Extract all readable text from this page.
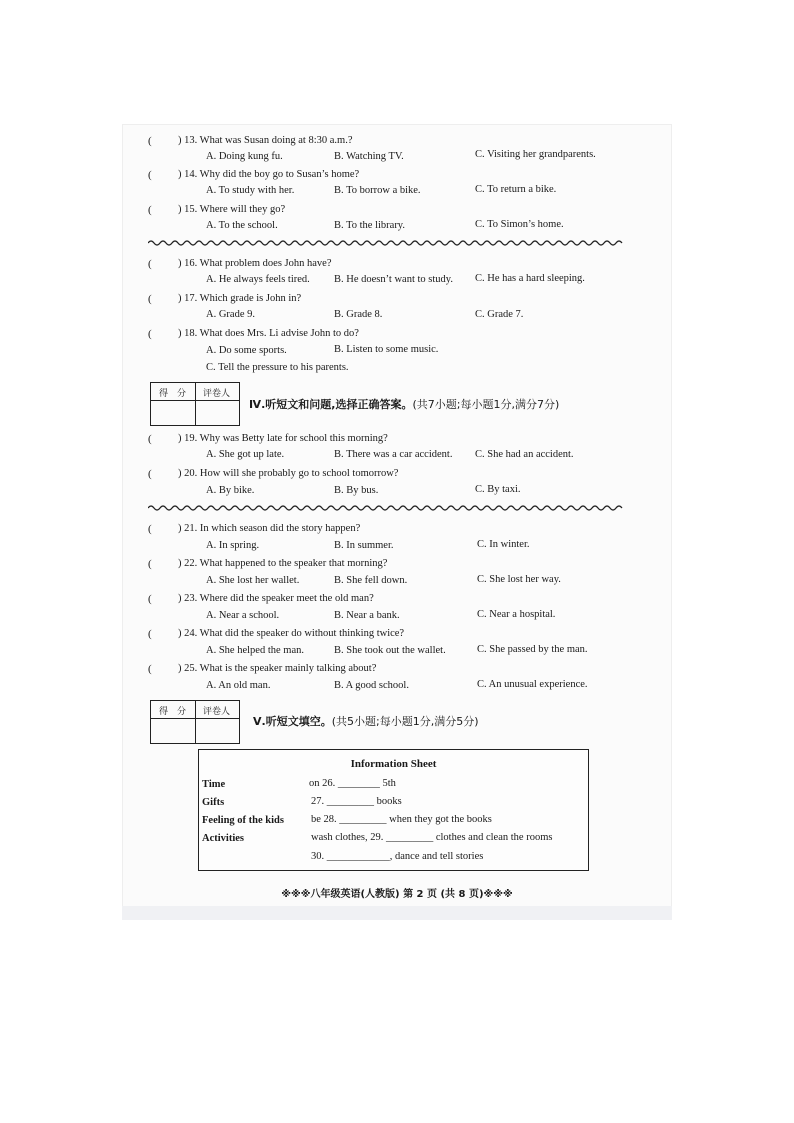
(	) 13. What was Susan doing at 8:30 a.m.?
A. Doing kung fu.	B. Watching TV.	C. Visiting her grandparents.
(	) 14. Why did the boy go to Susan’s home?
A. To study with her.	B. To borrow a bike.	C. To return a bike.
(	) 15. Where will they go?
A. To the school.	B. To the library.	C. To Simon’s home.
(	) 16. What problem does John have?
A. He always feels tired. B. He doesn’t want to study. C. He has a hard sleeping.
(	) 17. Which grade is John in?
A. Grade 9.	B. Grade 8.	C. Grade 7.
(	) 18. What does Mrs. Li advise John to do?
A. Do some sports.	B. Listen to some music.
C. Tell the pressure to his parents.
得　分 评卷人
Ⅳ.听短文和问题,选择正确答案。(共7小题;每小题1分,满分7分)
(	) 19. Why was Betty late for school this morning?
A. She got up late.	B. There was a car accident. C. She had an accident.
(	) 20. How will she probably go to school tomorrow?
A. By bike.	B. By bus.	C. By taxi.
(	) 21. In which season did the story happen?
A. In spring.	B. In summer.	C. In winter.
(	) 22. What happened to the speaker that morning?
A. She lost her wallet.	B. She fell down.	C. She lost her way.
(	) 23. Where did the speaker meet the old man?
A. Near a school.	B. Near a bank.	C. Near a hospital.
(	) 24. What did the speaker do without thinking twice?
A. She helped the man.	B. She took out the wallet.	C. She passed by the man.
(	) 25. What is the speaker mainly talking about?
A. An old man.	B. A good school.	C. An unusual experience.
得　分 评卷人
Ⅴ.听短文填空。(共5小题;每小题1分,满分5分)
Information Sheet
Time	on 26. ________ 5th
Gifts	27. _________ books
Feeling of the kids	be 28. _________ when they got the books
Activities	wash clothes, 29. _________ clothes and clean the rooms
30. ____________, dance and tell stories
※※※八年级英语(人教版) 第 2 页 (共 8 页)※※※
